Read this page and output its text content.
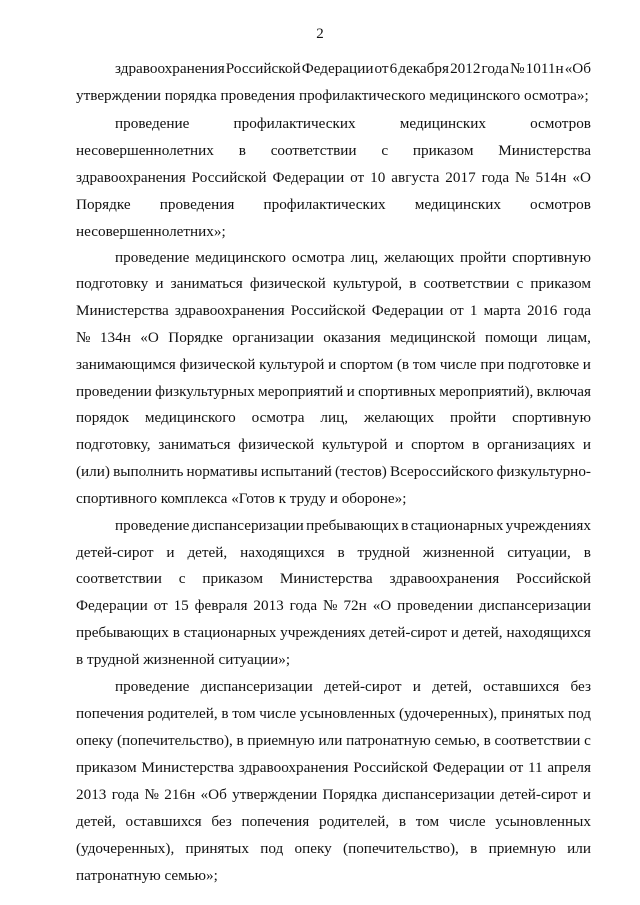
2
здравоохранения Российской Федерации от 6 декабря 2012 года № 1011н «Об
утверждении порядка проведения профилактического медицинского осмотра»;
проведение	профилактических	медицинских	осмотров
несовершеннолетних в соответствии с приказом Министерства
здравоохранения Российской Федерации от 10 августа 2017 года № 514н «О
Порядке проведения профилактических медицинских осмотров
несовершеннолетних»;
проведение медицинского осмотра лиц, желающих пройти спортивную
подготовку и заниматься физической культурой, в соответствии с приказом
Министерства здравоохранения Российской Федерации от 1 марта 2016 года
№ 134н «О Порядке организации оказания медицинской помощи лицам,
занимающимся физической культурой и спортом (в том числе при подготовке и
проведении физкультурных мероприятий и спортивных мероприятий), включая
порядок медицинского осмотра лиц, желающих пройти спортивную
подготовку, заниматься физической культурой и спортом в организациях и
(или) выполнить нормативы испытаний (тестов) Всероссийского физкультурно-
спортивного комплекса «Готов к труду и обороне»;
проведение диспансеризации пребывающих в стационарных учреждениях
детей-сирот и детей, находящихся в трудной жизненной ситуации, в
соответствии с приказом Министерства здравоохранения Российской
Федерации от 15 февраля 2013 года № 72н «О проведении диспансеризации
пребывающих в стационарных учреждениях детей-сирот и детей, находящихся
в трудной жизненной ситуации»;
проведение диспансеризации детей-сирот и детей, оставшихся без
попечения родителей, в том числе усыновленных (удочеренных), принятых под
опеку (попечительство), в приемную или патронатную семью, в соответствии с
приказом Министерства здравоохранения Российской Федерации от 11 апреля
2013 года № 216н «Об утверждении Порядка диспансеризации детей-сирот и
детей, оставшихся без попечения родителей, в том числе усыновленных
(удочеренных), принятых под опеку (попечительство), в приемную или
патронатную семью»;
